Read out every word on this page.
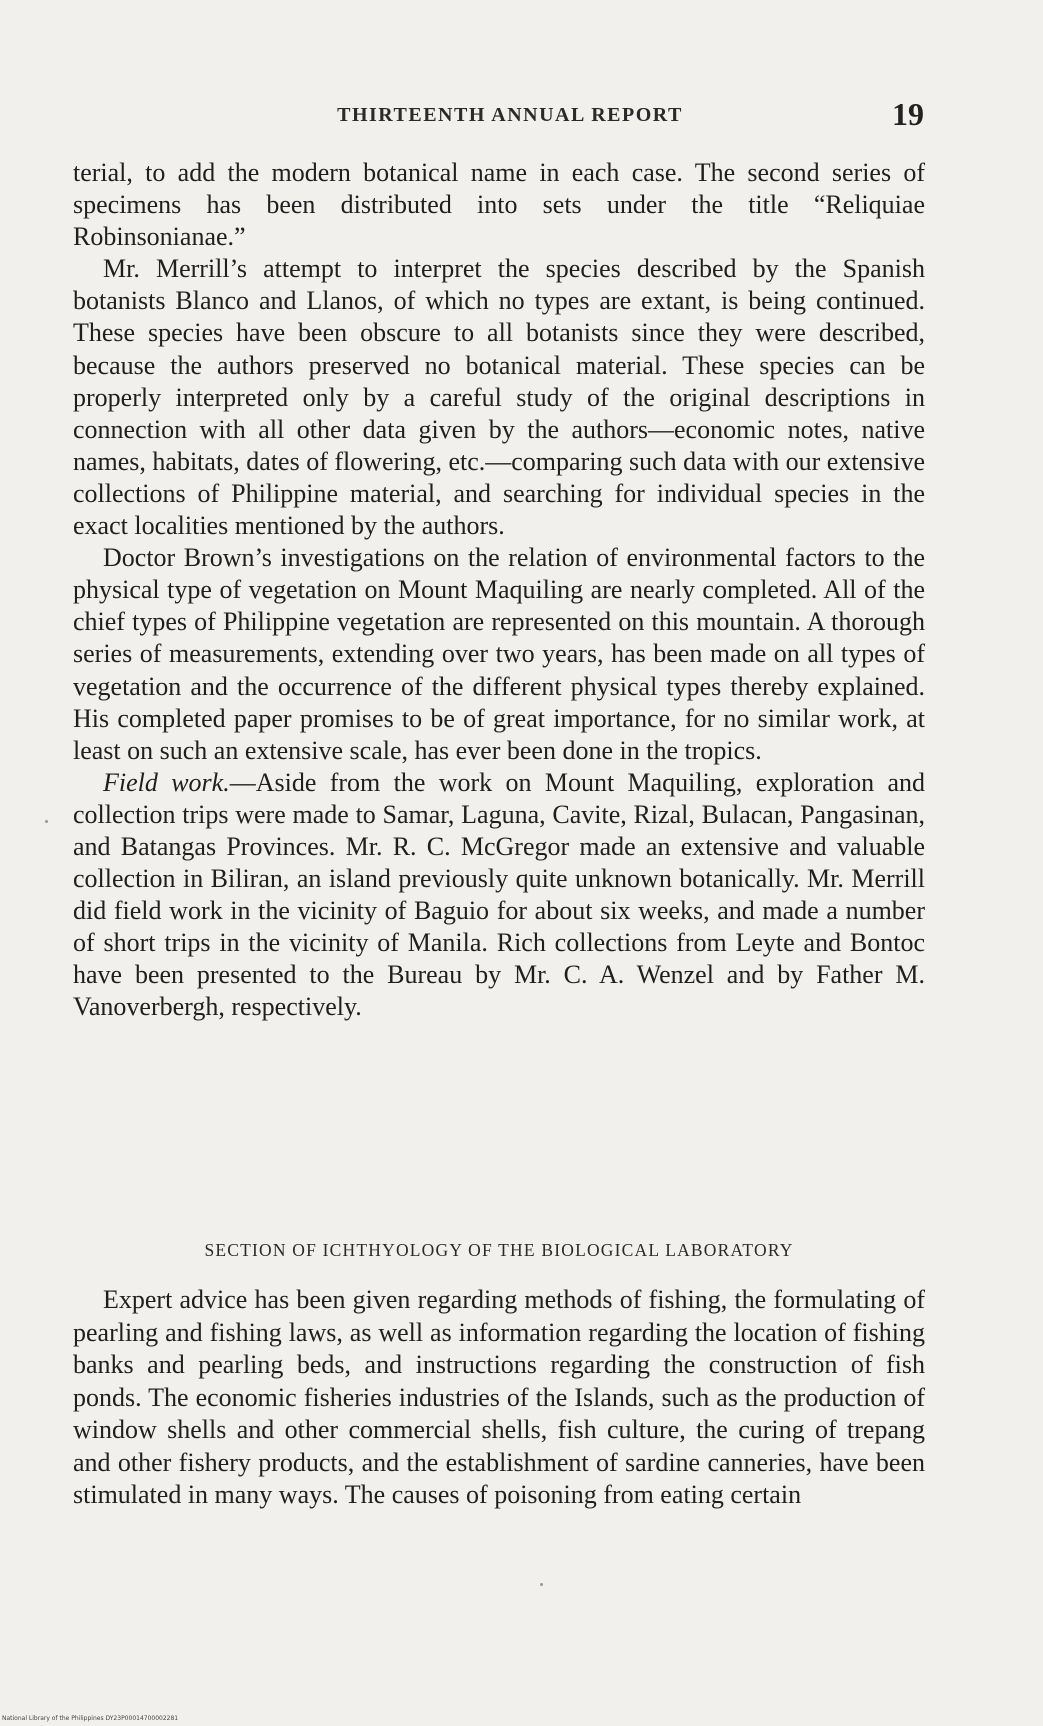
THIRTEENTH ANNUAL REPORT	19

terial, to add the modern botanical name in each case. The second series of specimens has been distributed into sets under the title “Reliquiae Robinsonianae.”

Mr. Merrill’s attempt to interpret the species described by the Spanish botanists Blanco and Llanos, of which no types are extant, is being continued. These species have been obscure to all botanists since they were described, because the authors preserved no botanical material. These species can be properly interpreted only by a careful study of the original descriptions in connection with all other data given by the authors—economic notes, native names, habitats, dates of flowering, etc.—comparing such data with our extensive collections of Philippine material, and searching for individual species in the exact localities mentioned by the authors.

Doctor Brown’s investigations on the relation of environmental factors to the physical type of vegetation on Mount Maquiling are nearly completed. All of the chief types of Philippine vegetation are represented on this mountain. A thorough series of measurements, extending over two years, has been made on all types of vegetation and the occurrence of the different physical types thereby explained. His completed paper promises to be of great importance, for no similar work, at least on such an extensive scale, has ever been done in the tropics.

Field work.—Aside from the work on Mount Maquiling, exploration and collection trips were made to Samar, Laguna, Cavite, Rizal, Bulacan, Pangasinan, and Batangas Provinces. Mr. R. C. McGregor made an extensive and valuable collection in Biliran, an island previously quite unknown botanically. Mr. Merrill did field work in the vicinity of Baguio for about six weeks, and made a number of short trips in the vicinity of Manila. Rich collections from Leyte and Bontoc have been presented to the Bureau by Mr. C. A. Wenzel and by Father M. Vanoverbergh, respectively.

SECTION OF ICHTHYOLOGY OF THE BIOLOGICAL LABORATORY

Expert advice has been given regarding methods of fishing, the formulating of pearling and fishing laws, as well as information regarding the location of fishing banks and pearling beds, and instructions regarding the construction of fish ponds. The economic fisheries industries of the Islands, such as the production of window shells and other commercial shells, fish culture, the curing of trepang and other fishery products, and the establishment of sardine canneries, have been stimulated in many ways. The causes of poisoning from eating certain

National Library of the Philippines DY23P00014700002281
